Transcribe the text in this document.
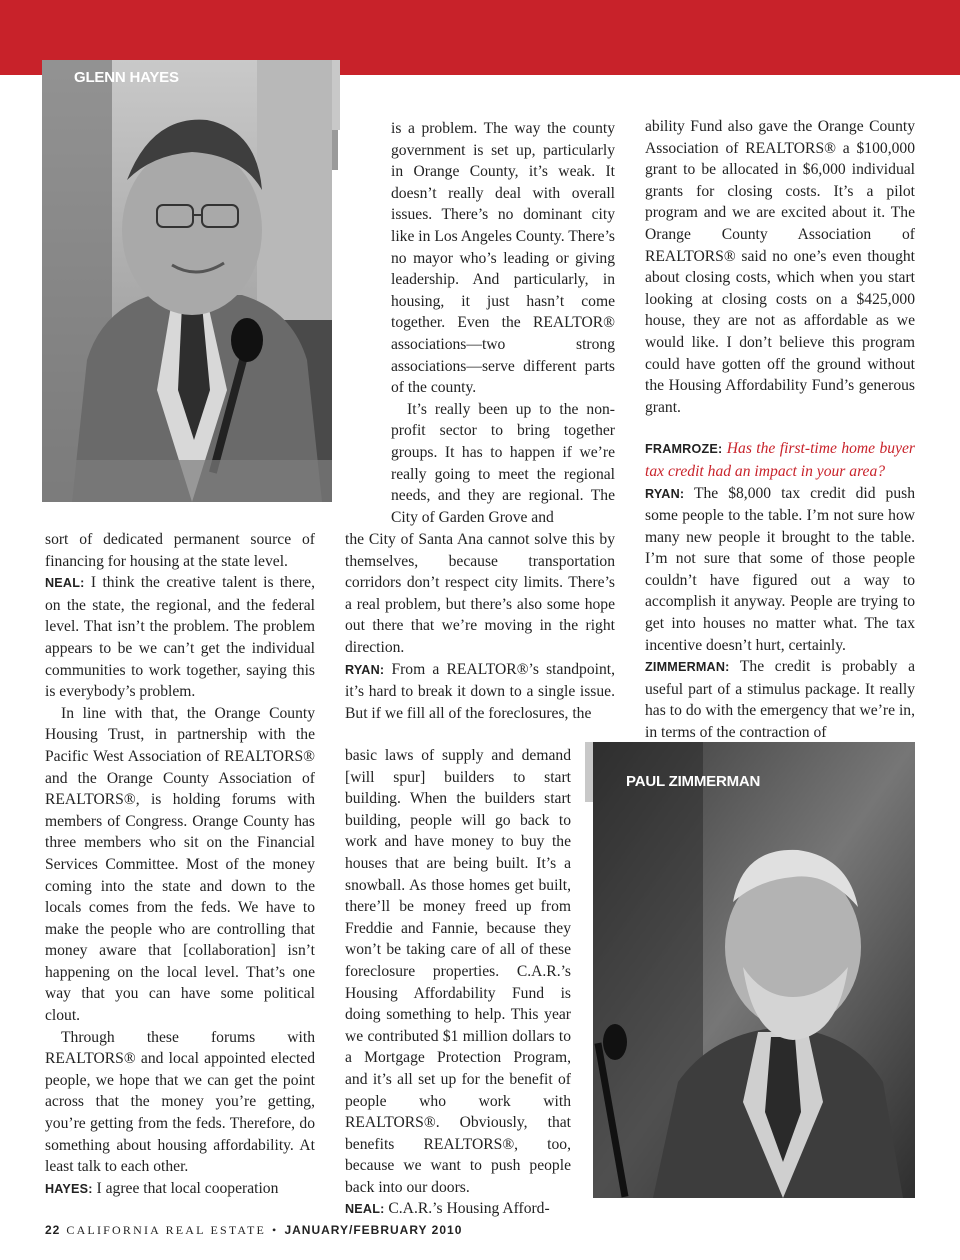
GLENN HAYES

sort of dedicated permanent source of financing for housing at the state level.

NEAL: I think the creative talent is there, on the state, the regional, and the federal level. That isn’t the problem. The problem appears to be we can’t get the individual communities to work together, saying this is everybody’s problem.

In line with that, the Orange County Housing Trust, in partnership with the Pacific West Association of REALTORS® and the Orange County Association of REALTORS®, is holding forums with members of Congress. Orange County has three members who sit on the Financial Services Committee. Most of the money coming into the state and down to the locals comes from the feds. We have to make the people who are controlling that money aware that [collaboration] isn’t happening on the local level. That’s one way that you can have some political clout.

Through these forums with REALTORS® and local appointed elected people, we hope that we can get the point across that the money you’re getting, you’re getting from the feds. Therefore, do something about housing affordability. At least talk to each other.

HAYES: I agree that local cooperation

is a problem. The way the county government is set up, particularly in Orange County, it’s weak. It doesn’t really deal with overall issues. There’s no dominant city like in Los Angeles County. There’s no mayor who’s leading or giving leadership. And particularly, in housing, it just hasn’t come together. Even the REALTOR® associations—two strong associations—serve different parts of the county.

It’s really been up to the non-profit sector to bring together groups. It has to happen if we’re really going to meet the regional needs, and they are regional. The City of Garden Grove and

the City of Santa Ana cannot solve this by themselves, because transportation corridors don’t respect city limits. There’s a real problem, but there’s also some hope out there that we’re moving in the right direction.

RYAN: From a REALTOR®’s standpoint, it’s hard to break it down to a single issue. But if we fill all of the foreclosures, the

basic laws of supply and demand [will spur] builders to start building. When the builders start building, people will go back to work and have money to buy the houses that are being built. It’s a snowball. As those homes get built, there’ll be money freed up from Freddie and Fannie, because they won’t be taking care of all of these foreclosure properties. C.A.R.’s Housing Affordability Fund is doing something to help. This year we contributed $1 million dollars to a Mortgage Protection Program, and it’s all set up for the benefit of people who work with REALTORS®. Obviously, that benefits REALTORS®, too, because we want to push people back into our doors.

NEAL: C.A.R.’s Housing Afford-

ability Fund also gave the Orange County Association of REALTORS® a $100,000 grant to be allocated in $6,000 individual grants for closing costs. It’s a pilot program and we are excited about it. The Orange County Association of REALTORS® said no one’s even thought about closing costs, which when you start looking at closing costs on a $425,000 house, they are not as affordable as we would like. I don’t believe this program could have gotten off the ground without the Housing Affordability Fund’s generous grant.

FRAMROZE: Has the first-time home buyer tax credit had an impact in your area?

RYAN: The $8,000 tax credit did push some people to the table. I’m not sure how many new people it brought to the table. I’m not sure that some of those people couldn’t have figured out a way to accomplish it anyway. People are trying to get into houses no matter what. The tax incentive doesn’t hurt, certainly.

ZIMMERMAN: The credit is probably a useful part of a stimulus package. It really has to do with the emergency that we’re in, in terms of the contraction of

PAUL ZIMMERMAN
22 CALIFORNIA REAL ESTATE • JANUARY/FEBRUARY 2010
